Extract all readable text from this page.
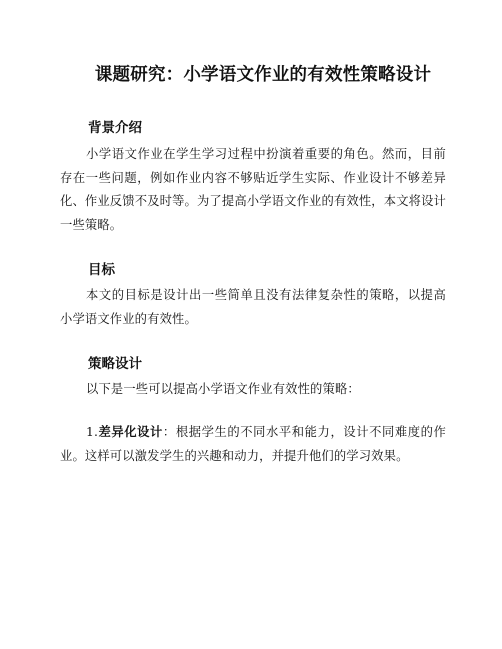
课题研究：小学语文作业的有效性策略设计
背景介绍

小学语文作业在学生学习过程中扮演着重要的角色。然而，目前存在一些问题，例如作业内容不够贴近学生实际、作业设计不够差异化、作业反馈不及时等。为了提高小学语文作业的有效性，本文将设计一些策略。

目标

本文的目标是设计出一些简单且没有法律复杂性的策略，以提高小学语文作业的有效性。

策略设计

以下是一些可以提高小学语文作业有效性的策略：

1.差异化设计：根据学生的不同水平和能力，设计不同难度的作业。这样可以激发学生的兴趣和动力，并提升他们的学习效果。
